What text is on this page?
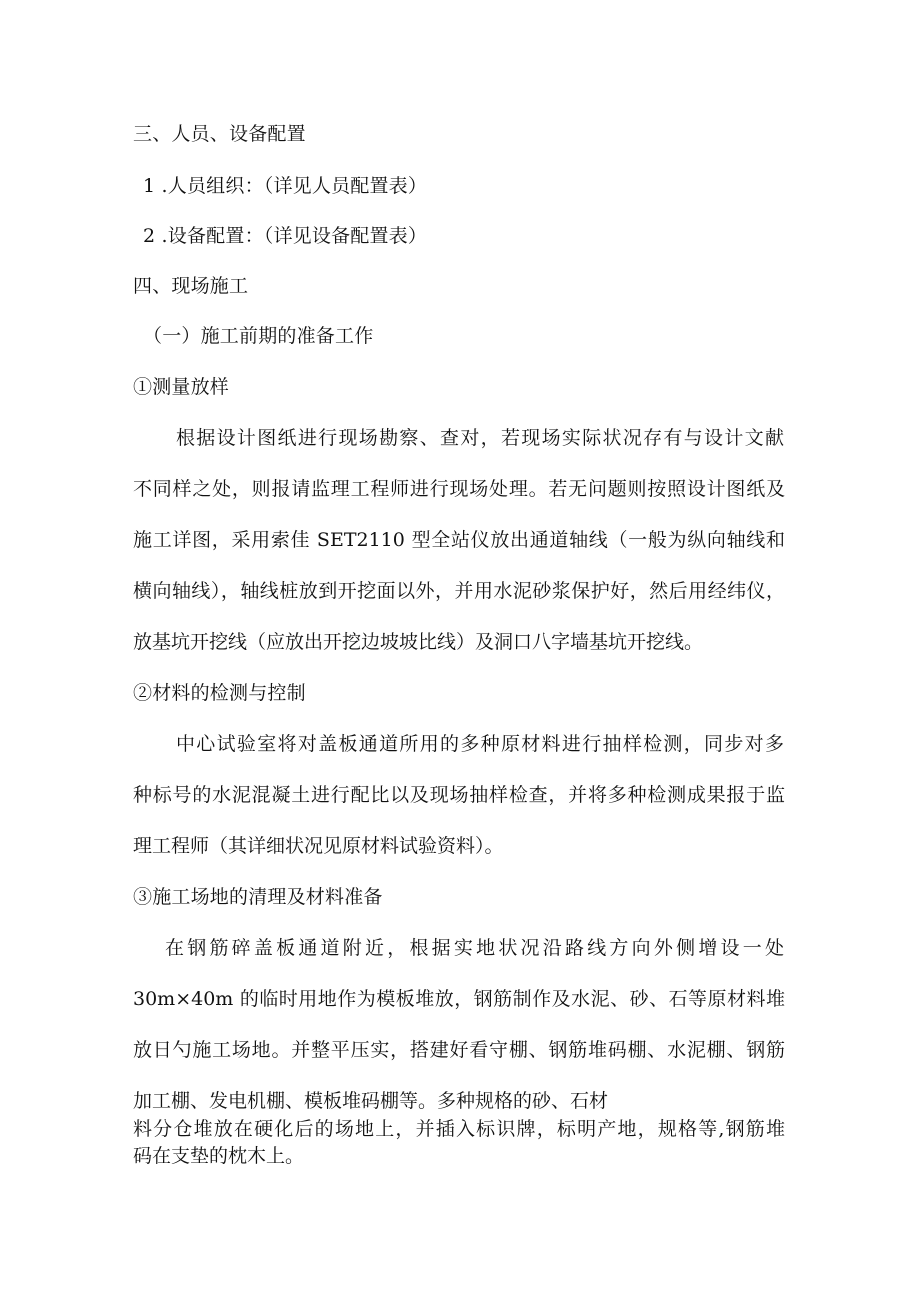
三、人员、设备配置
1 .人员组织：（详见人员配置表）
2 .设备配置：（详见设备配置表）
四、现场施工
（一）施工前期的准备工作
①测量放样
根据设计图纸进行现场勘察、查对，若现场实际状况存有与设计文献
不同样之处，则报请监理工程师进行现场处理。若无问题则按照设计图纸及
施工详图，采用索佳 SET2110 型全站仪放出通道轴线（一般为纵向轴线和
横向轴线），轴线桩放到开挖面以外，并用水泥砂浆保护好，然后用经纬仪，
放基坑开挖线（应放出开挖边坡坡比线）及洞口八字墙基坑开挖线。
②材料的检测与控制
中心试验室将对盖板通道所用的多种原材料进行抽样检测，同步对多
种标号的水泥混凝土进行配比以及现场抽样检查，并将多种检测成果报于监
理工程师（其详细状况见原材料试验资料）。
③施工场地的清理及材料准备
在钢筋碎盖板通道附近，根据实地状况沿路线方向外侧增设一处
30m×40m 的临时用地作为模板堆放，钢筋制作及水泥、砂、石等原材料堆
放日勺施工场地。并整平压实，搭建好看守棚、钢筋堆码棚、水泥棚、钢筋
加工棚、发电机棚、模板堆码棚等。多种规格的砂、石材
料分仓堆放在硬化后的场地上，并插入标识牌，标明产地，规格等,钢筋堆
码在支垫的枕木上。
